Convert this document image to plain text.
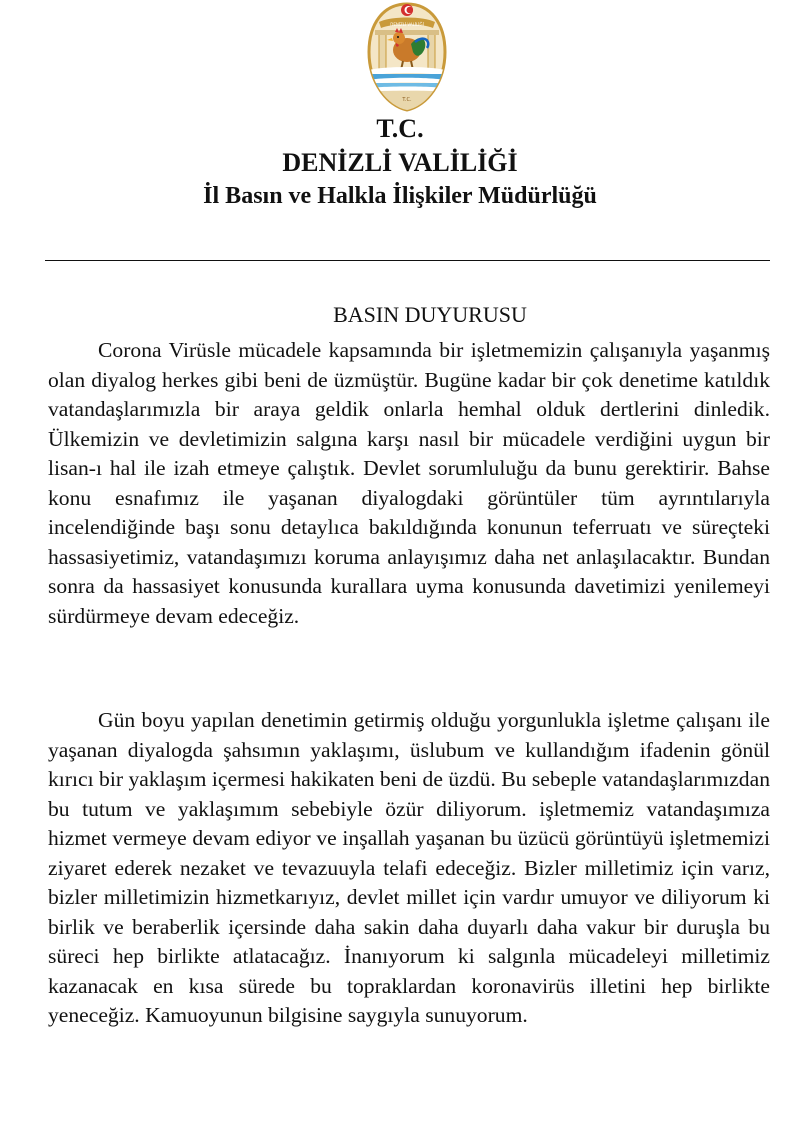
DENİZLİ VALİLİĞİ
T.C.
T.C.
DENİZLİ VALİLİĞİ
İl Basın ve Halkla İlişkiler Müdürlüğü
BASIN DUYURUSU

Corona Virüsle mücadele kapsamında bir işletmemizin çalışanıyla yaşanmış olan diyalog herkes gibi beni de üzmüştür. Bugüne kadar bir çok denetime katıldık vatandaşlarımızla bir araya geldik onlarla hemhal olduk dertlerini dinledik. Ülkemizin ve devletimizin salgına karşı nasıl bir mücadele verdiğini uygun bir lisan-ı hal ile izah etmeye çalıştık. Devlet sorumluluğu da bunu gerektirir. Bahse konu esnafımız ile yaşanan diyalogdaki görüntüler tüm ayrıntılarıyla incelendiğinde başı sonu detaylıca bakıldığında konunun teferruatı ve süreçteki hassasiyetimiz, vatandaşımızı koruma anlayışımız daha net anlaşılacaktır. Bundan sonra da hassasiyet konusunda kurallara uyma konusunda davetimizi yenilemeyi sürdürmeye devam edeceğiz.

Gün boyu yapılan denetimin getirmiş olduğu yorgunlukla işletme çalışanı ile yaşanan diyalogda şahsımın yaklaşımı, üslubum ve kullandığım ifadenin gönül kırıcı bir yaklaşım içermesi hakikaten beni de üzdü. Bu sebeple vatandaşlarımızdan bu tutum ve yaklaşımım sebebiyle özür diliyorum. işletmemiz vatandaşımıza hizmet vermeye devam ediyor ve inşallah yaşanan bu üzücü görüntüyü işletmemizi ziyaret ederek nezaket ve tevazuuyla telafi edeceğiz. Bizler milletimiz için varız, bizler milletimizin hizmetkarıyız, devlet millet için vardır umuyor ve diliyorum ki birlik ve beraberlik içersinde daha sakin daha duyarlı daha vakur bir duruşla bu süreci hep birlikte atlatacağız. İnanıyorum ki salgınla mücadeleyi milletimiz kazanacak en kısa sürede bu topraklardan koronavirüs illetini hep birlikte yeneceğiz. Kamuoyunun bilgisine saygıyla sunuyorum.
